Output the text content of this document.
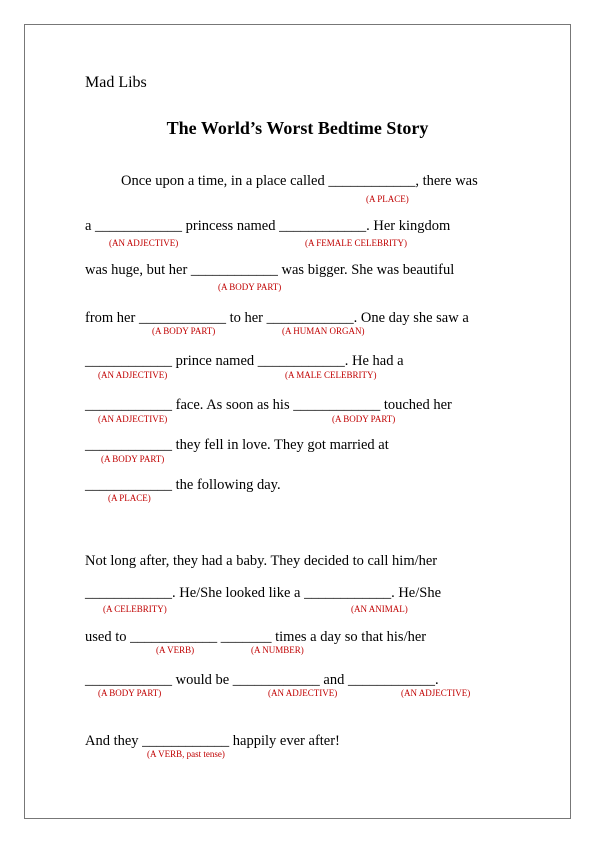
Mad Libs
The World’s Worst Bedtime Story
Once upon a time, in a place called ____________, there was
a ____________ princess named ____________. Her kingdom
was huge, but her ____________ was bigger. She was beautiful
from her ____________ to her ____________. One day she saw a
____________ prince named ____________. He had a
____________ face. As soon as his ____________ touched her
____________ they fell in love. They got married at
____________ the following day.
Not long after, they had a baby. They decided to call him/her
____________. He/She looked like a ____________. He/She
used to ____________ _______ times a day so that his/her
____________ would be ____________ and ____________.
And they ____________ happily ever after!
(A PLACE)
(AN ADJECTIVE)	(A FEMALE CELEBRITY)
(A BODY PART)
(A BODY PART)	(A HUMAN ORGAN)
(AN ADJECTIVE)	(A MALE CELEBRITY)
(AN ADJECTIVE)	(A BODY PART)
(A BODY PART)
(A PLACE)
(A CELEBRITY)	(AN ANIMAL)
(A VERB)	(A NUMBER)
(A BODY PART)	(AN ADJECTIVE)	(AN ADJECTIVE)
(A VERB, past tense)
